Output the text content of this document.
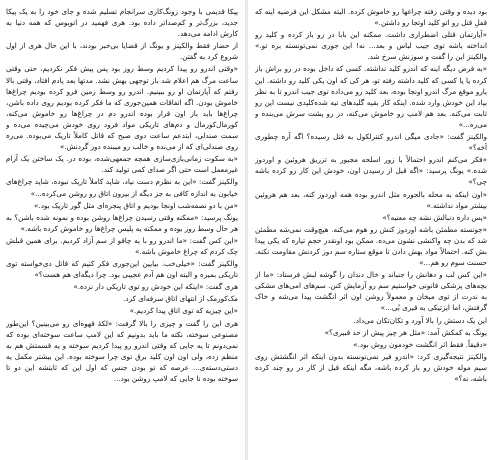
پیکا قدیمی با وجود زونگ‌کاری سرانجام تسلیم شده و جای خود را به یک پیکا جدید، بزرگ‌تر و کم‌صداتر داده بود. هری فهمید در اتوبوس که همه دنیا به کارش ادامه می‌دهد.

از حضار فقط والکینز و یونگ از قضایا بی‌خبر بودند، با این حال هری از اول شروع کرد به گفتن.

«وقتی اندرو رو پیدا کردیم وسط روز بود پس پیش فکر نکردیم، حتی وقتی ساعت مرگ هم اعلام شد باز توجهی بهش نشد. مدتها بعد یادم افتاد، وقتی بالا رفتم که آپارتمان او رو ببینیم. اندرو رو وسط زمین فرو کرده بودیم چراغ‌ها خاموش بودن. اگه اتفاقات همین‌جوری که ما فکر کرده بودیم روی داده باشن، چراغ‌ها باید باز اون قرار بوده اندرو دم در چراغ‌ها رو خاموش می‌کنه، کورمال‌کورمال و دم‌های تاریکی مواد فرود روی خودش می‌چیده می‌ده و سمت صندلی، ابتدعم ساعت دوی صبح که قاتل کاملاً تاریک می‌بوده. می‌ره روی صندلی‌ای که از می‌نده و خالب رو میبنده دور گردنش.»

«به سکوت زمانی‌بازی‌سازی همچه جمعهی‌شده، بوده در. یک ساختن یک آرام غیرمعمل است حتی اگر صدای کمی تولید کند.

والکینز گفت: «این به نظرم دست نیاد، شاید کاملاً تاریک نبوده، شاید چراغ‌های خیابون به اندازه کافی به جز دیگه از بیرون اتاق رو روشن می‌کرده...»

«من با دو نصفه‌شب اونجا بودیم و اتاق پنجره‌ای مثل گور تاریک بود.»

یونگ پرسید: «ممکنه وقتی رسیدن چراغ‌ها روشن بوده و نمونه شده باشن؟ به هر حال وسط روز بوده و ممکنه یه پلیس چراغ‌ها رو خاموش کرده باشه.»

«این کس گفت: «ما اندرو رو با یه چاقو از سم آزاد کردیم. برای همین قبلش چک کردم که چراغ خاموش باشه.»

والکینز گفت: «خیلی‌خب. بیایین این‌جوری فکر کنیم که قاتل دی‌خواسته توی تاریکی بمیره و البته اون هم آدم عجیبی بود. چرا دیگه‌ای هم هست؟»

هری گفت: «اینکه این خودش رو توی تاریکی دار نزده.»

مک‌کورمک از انتهای اتاق سرفه‌ای کرد.

«این چیزیه که توی اتاق پیدا کردیم.»

هری این را گفت و چیزی را بالا گرفت: «لکهٔ قهوه‌ای رو می‌بینین؟ این‌طور مصنوعی سوخته، نکته ما باید بدونیم که این لامپ ساعت سوخته‌ای بوده که نمی‌دونم تا یه جایی که وقتی اندرو رو پیدا کردیم سوخته و یه قسمتش هم به منظم زده، ولی اون اون کلید برق توی چرا سوخته بوده. این بیشتر مکمل یه دستی‌دسته‌ی... عرصه که تو بودن جنس که اول این که ثابتشه این دو تا سوخته بوده تا جایی که لامپ روشن بود...

بود دیده و وقتی رفته چراغها رو خاموش کرده. البته مشکل این فرضیه اینه که قفلِ قتل رو اتو کلید اوتجا رو داشتن.»

«آیارتمان قتلی اضطراری داشت. ممکنه این بابا در رو باز کرده و کلید رو انداخته باشه توی جیب لباس و بعد... نه! این جوری نمی‌تونسته بره تو.» والکینز این را گفت و سوزنش سرخ شد.

«به فرض دیگه اینه که اندرو کلید نداشته. کسی که داخل بوده در رو براش باز کرده یا یا کسی که کلید داشته رفته تو، هر کی که اون یکی کلید رو داشته. این یارو موقع مرگ اندرو اونجا بوده، بعد کلید رو می‌داده توی جیب اندرو تا به نظر بیاد این خودش وارد شده. اینکه کار بقیه گلیدهای تیه شده‌کلیدی نیست این رو ثابت می‌کنه. بعد هم لامپ رو خاموش می‌کنه، در رو پشت سرش می‌بنده و می‌ره...»

والکینز گفت: «جادی میگی اندرو کنترلکول به قتل رسیده؟ اگه آره چطوری آخه؟»

«فکر می‌کنم اندرو احتمالاً با زور اسلحه مجبور به تزریق هروئین و اوردوز شده.» یونگ پرسید: «اگه قبل از رسیدن اون، خودش این کار رو کرده باشه چی؟»

«اون اینکه به محله بالجوره مثل اندرو بوده همه اوردوز کنه، بعد هم هروئین بیشتر مواد نداشته.»

«پس داره دنبالش نشه چه معنیه؟»

«جونسته مطمئن باشه اوردوز کنش رو هوم می‌کنه. هیچ‌وقت نمی‌شه مطمئن شد که بدن چه واکنشی نشون می‌ده. ممکن بود اونقدر حجمِ تیاره که یکی پیدا بش کنه. احتمالاً مواد بهش دادن تا موقع ستاره سم دوز کردنش مقاومت نکنه. حسنت سوم رو هم...»

«این کس لب و دهانش را جنباند و خال دندان را گوشه لبش فرستاد: «ما از بچه‌های پزشکی قانونی خواستیم سم رو آزمایش کنن. سم‌های امی‌های مشکی به ندرت از توی میخان و معمولاً روشن اون اثر انگشت پیدا می‌شه و خاک گرفتش، اما ایزتیکی به قیری بُی...»

این یک دستش را بالا آورد و تکان‌تکان می‌داد.

یونگ به کمکش آمد: «مثل هر چیز پیش از حد قبیری؟»

«دقیقاً. فقط اثر انگشت خودمون روش بود.»

والکینز نتیجه‌گیری کرد: «اندرو فیر نمی‌تونسته بدون اینکه اثر انگشتش روی سیم موله خودش رو باز کرده باشه، مگه اینکه قبل از کار در رو چند کرده باشه، نه؟»
